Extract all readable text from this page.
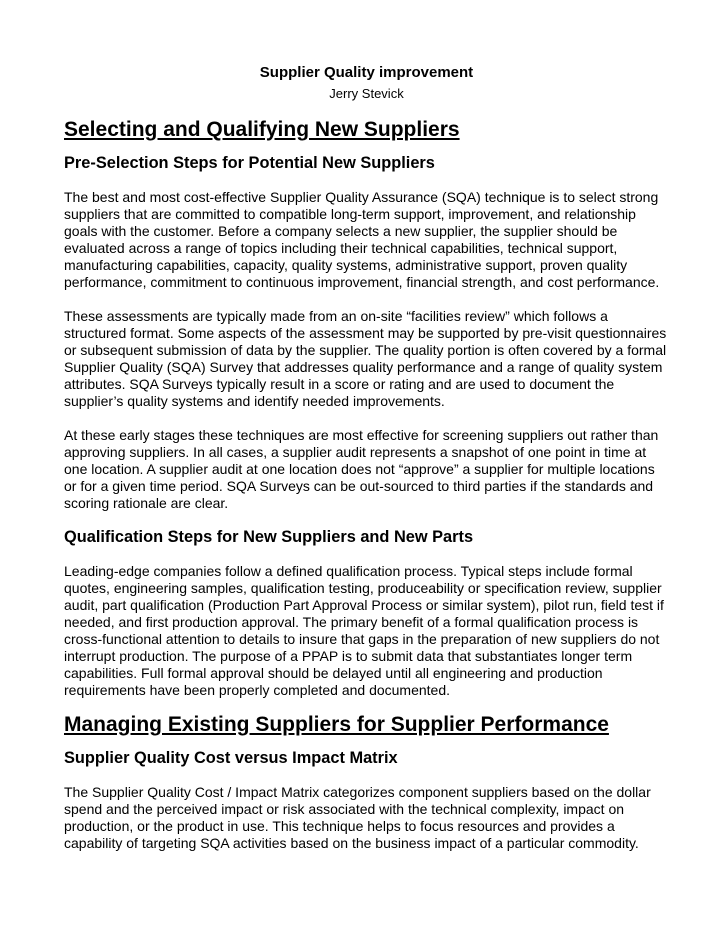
Supplier Quality improvement

Jerry Stevick

Selecting and Qualifying New Suppliers
Pre-Selection Steps for Potential New Suppliers

The best and most cost-effective Supplier Quality Assurance (SQA) technique is to select strong suppliers that are committed to compatible long-term support, improvement, and relationship goals with the customer. Before a company selects a new supplier, the supplier should be evaluated across a range of topics including their technical capabilities, technical support, manufacturing capabilities, capacity, quality systems, administrative support, proven quality performance, commitment to continuous improvement, financial strength, and cost performance.

These assessments are typically made from an on-site “facilities review” which follows a structured format. Some aspects of the assessment may be supported by pre-visit questionnaires or subsequent submission of data by the supplier. The quality portion is often covered by a formal Supplier Quality (SQA) Survey that addresses quality performance and a range of quality system attributes. SQA Surveys typically result in a score or rating and are used to document the supplier’s quality systems and identify needed improvements.

At these early stages these techniques are most effective for screening suppliers out rather than approving suppliers. In all cases, a supplier audit represents a snapshot of one point in time at one location. A supplier audit at one location does not “approve” a supplier for multiple locations or for a given time period. SQA Surveys can be out-sourced to third parties if the standards and scoring rationale are clear.

Qualification Steps for New Suppliers and New Parts

Leading-edge companies follow a defined qualification process. Typical steps include formal quotes, engineering samples, qualification testing, produceability or specification review, supplier audit, part qualification (Production Part Approval Process or similar system), pilot run, field test if needed, and first production approval. The primary benefit of a formal qualification process is cross-functional attention to details to insure that gaps in the preparation of new suppliers do not interrupt production. The purpose of a PPAP is to submit data that substantiates longer term capabilities. Full formal approval should be delayed until all engineering and production requirements have been properly completed and documented.

Managing Existing Suppliers for Supplier Performance
Supplier Quality Cost versus Impact Matrix

The Supplier Quality Cost / Impact Matrix categorizes component suppliers based on the dollar spend and the perceived impact or risk associated with the technical complexity, impact on production, or the product in use. This technique helps to focus resources and provides a capability of targeting SQA activities based on the business impact of a particular commodity.
